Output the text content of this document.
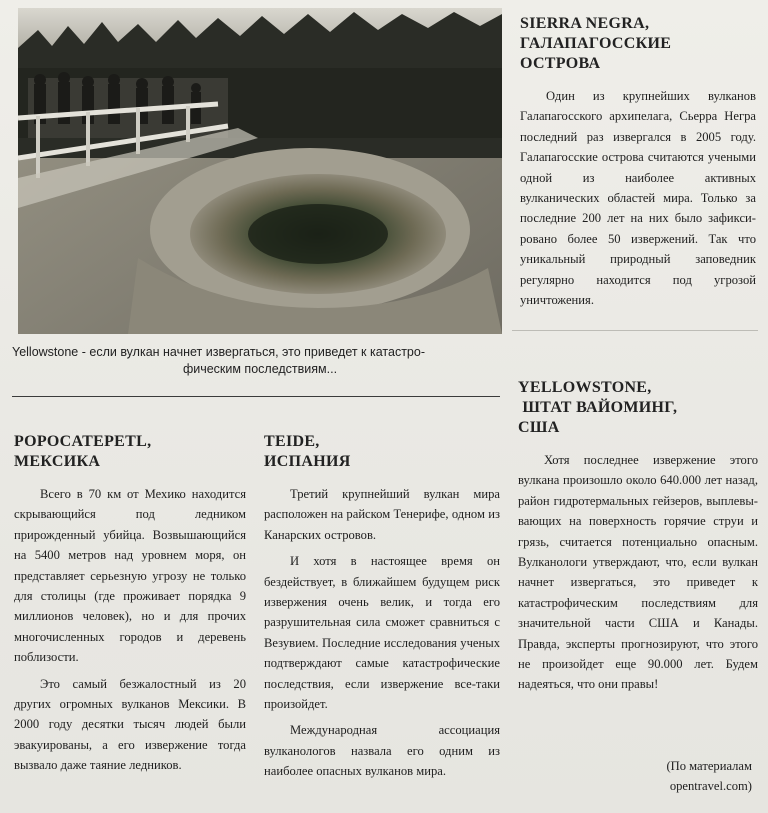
Yellowstone - если вулкан начнет извергаться, это приведет к катастро-
фическим последствиям...
SIERRA NEGRA,
ГАЛАПАГОССКИЕ
ОСТРОВА

Один из крупнейших вулканов Галапагосского архипелага, Сьерра Негра последний раз извергался в 2005 году. Галапагосские острова считаются учеными одной из наиболее активных вулканических областей мира. Только за последние 200 лет на них было зафиксировано более 50 извержений. Так что уникальный природный заповедник регулярно находится под угрозой уничтожения.

YELLOWSTONE,
ШТАТ ВАЙОМИНГ,
США

Хотя последнее извержение этого вулкана произошло около 640.000 лет назад, район гидротермальных гейзеров, выплевывающих на поверхность горячие струи и грязь, считается потенциально опасным. Вулканологи утверждают, что, если вулкан начнет извергаться, это приведет к катастрофическим последствиям для значительной части США и Канады. Правда, эксперты прогнозируют, что этого не произойдет еще 90.000 лет. Будем надеяться, что они правы!

POPOCATEPETL,
МЕКСИКА

Всего в 70 км от Мехико находится скрывающийся под ледником прирожденный убийца. Возвышающийся на 5400 метров над уровнем моря, он представляет серьезную угрозу не только для столицы (где проживает порядка 9 миллионов человек), но и для прочих многочисленных городов и деревень поблизости.

Это самый безжалостный из 20 других огромных вулканов Мексики. В 2000 году десятки тысяч людей были эвакуированы, а его извержение тогда вызвало даже таяние ледников.

TEIDE,
ИСПАНИЯ

Третий крупнейший вулкан мира расположен на райском Тенерифе, одном из Канарских островов.

И хотя в настоящее время он бездействует, в ближайшем будущем риск извержения очень велик, и тогда его разрушительная сила сможет сравниться с Везувием. Последние исследования ученых подтверждают самые катастрофические последствия, если извержение все-таки произойдет.

Международная ассоциация вулканологов назвала его одним из наиболее опасных вулканов мира.	(По материалам
opentravel.com)
